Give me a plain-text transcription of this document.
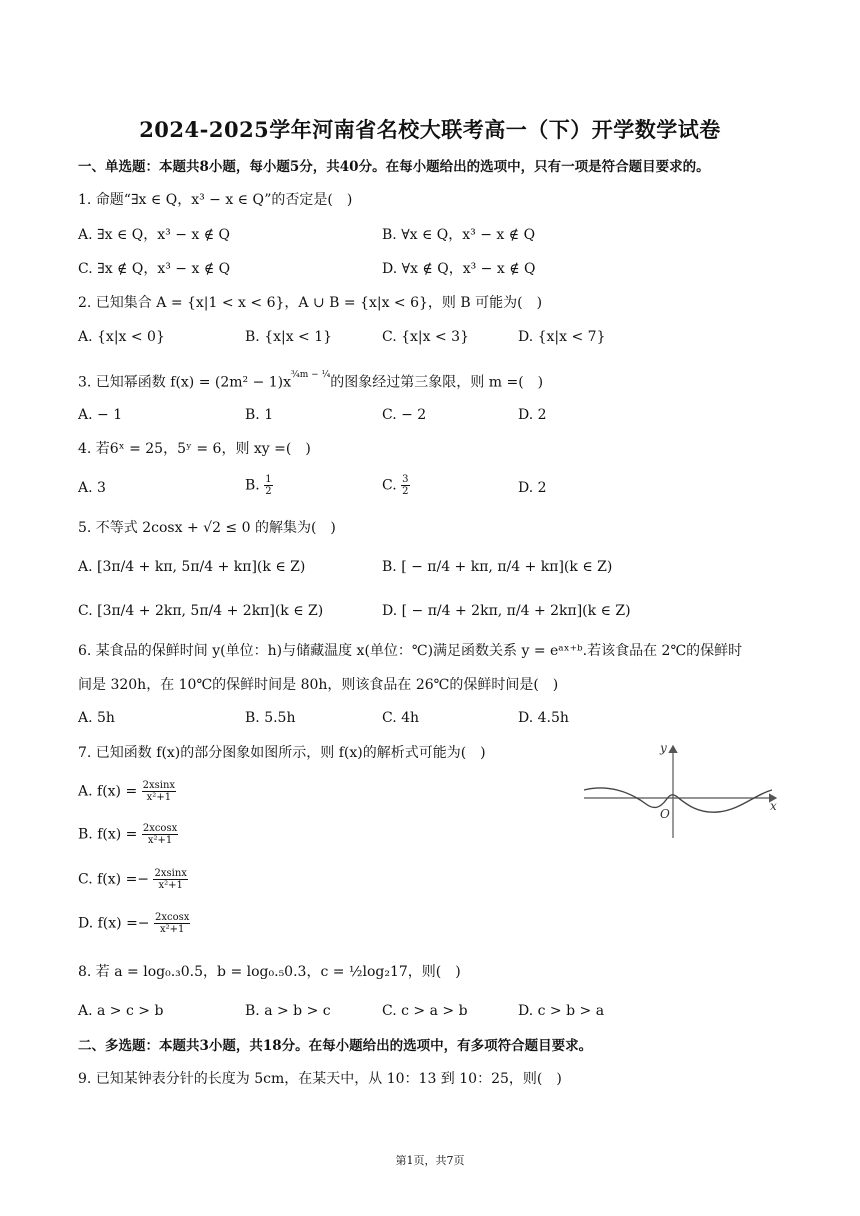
2024-2025学年河南省名校大联考高一（下）开学数学试卷
一、单选题：本题共8小题，每小题5分，共40分。在每小题给出的选项中，只有一项是符合题目要求的。
1. 命题“∃x ∈ Q，x³ − x ∈ Q”的否定是(　)
A. ∃x ∈ Q，x³ − x ∉ Q	B. ∀x ∈ Q，x³ − x ∉ Q
C. ∃x ∉ Q，x³ − x ∉ Q	D. ∀x ∉ Q，x³ − x ∉ Q
2. 已知集合 A = {x|1 < x < 6}，A ∪ B = {x|x < 6}，则 B 可能为(　)
A. {x|x < 0}	B. {x|x < 1}	C. {x|x < 3}	D. {x|x < 7}
3. 已知幂函数 $f(x) = (2m^2 - 1)x^{\frac{3}{4}m - \frac{1}{4}}$的图象经过第三象限，则 m =(　)
A. − 1	B. 1	C. − 2	D. 2
4. 若6ˣ = 25，5ʸ = 6，则 xy =(　)
A. 3	B. $\frac{1}{2}$	C. $\frac{3}{2}$	D. 2
5. 不等式 2cosx + √2 ≤ 0 的解集为(　)
A. [3π/4 + kπ, 5π/4 + kπ](k ∈ Z)	B. [ − π/4 + kπ, π/4 + kπ](k ∈ Z)
C. [3π/4 + 2kπ, 5π/4 + 2kπ](k ∈ Z)	D. [ − π/4 + 2kπ, π/4 + 2kπ](k ∈ Z)
6. 某食品的保鲜时间 y(单位：h)与储藏温度 x(单位：℃)满足函数关系 y = eᵃˣ⁺ᵇ.若该食品在 2℃的保鲜时
间是 320h，在 10℃的保鲜时间是 80h，则该食品在 26℃的保鲜时间是(　)
A. 5h	B. 5.5h	C. 4h	D. 4.5h
7. 已知函数 f(x)的部分图象如图所示，则 f(x)的解析式可能为(　)
A. $f(x) = \frac{2xsinx}{\text{x²+1}}$
B. $f(x) = \frac{2xcosx}{\text{x²+1}}$
C. $f(x) =- \frac{2xsinx}{\text{x²+1}}$
D. $f(x) =- \frac{2xcosx}{\text{x²+1}}$
y
x
O
8. 若 a = log₀.₃0.5，b = log₀.₅0.3，c = ½log₂17，则(　)
A. a > c > b	B. a > b > c	C. c > a > b	D. c > b > a
二、多选题：本题共3小题，共18分。在每小题给出的选项中，有多项符合题目要求。
9. 已知某钟表分针的长度为 5cm，在某天中，从 10：13 到 10：25，则(　)
第1页，共7页
